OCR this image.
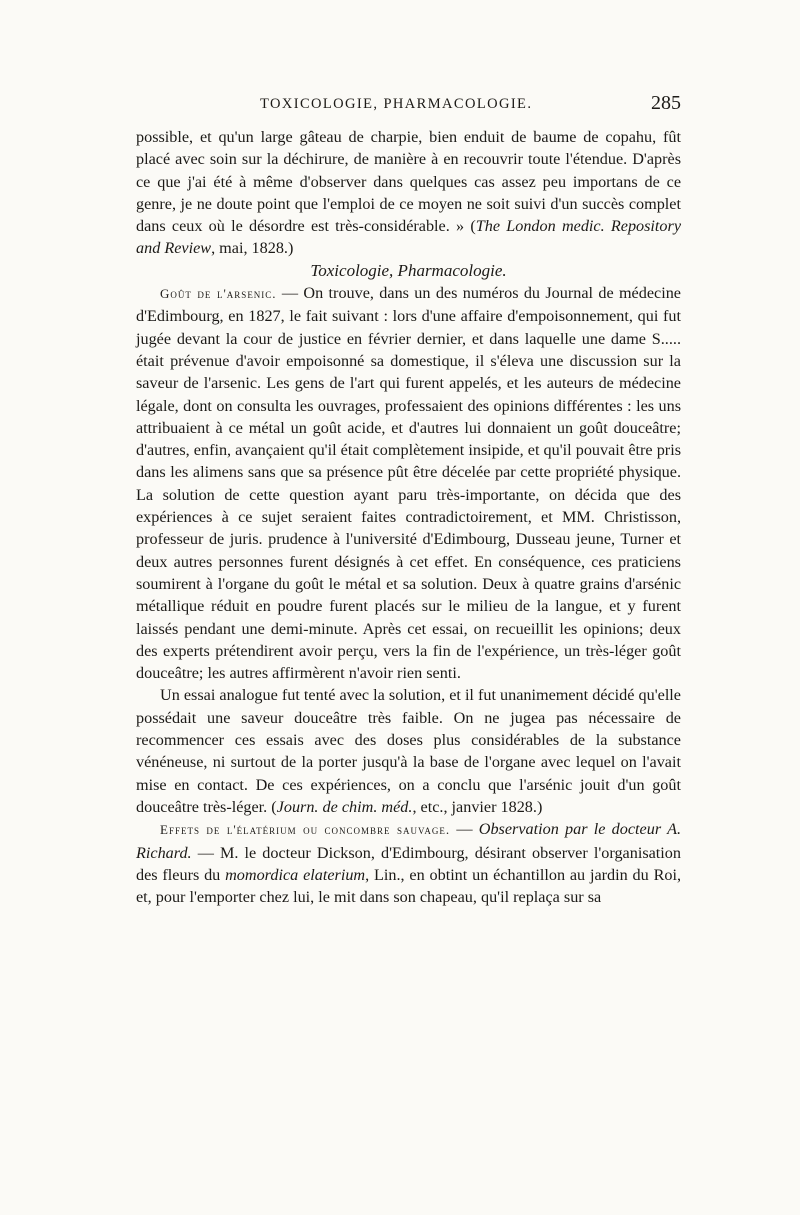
TOXICOLOGIE, PHARMACOLOGIE.	285

possible, et qu'un large gâteau de charpie, bien enduit de baume de copahu, fût placé avec soin sur la déchirure, de manière à en recouvrir toute l'étendue. D'après ce que j'ai été à même d'observer dans quelques cas assez peu importans de ce genre, je ne doute point que l'emploi de ce moyen ne soit suivi d'un succès complet dans ceux où le désordre est très-considérable. » (The London medic. Repository and Review, mai, 1828.)

Toxicologie, Pharmacologie.

Goût de l'arsenic. — On trouve, dans un des numéros du Journal de médecine d'Edimbourg, en 1827, le fait suivant : lors d'une affaire d'empoisonnement, qui fut jugée devant la cour de justice en février dernier, et dans laquelle une dame S..... était prévenue d'avoir empoisonné sa domestique, il s'éleva une discussion sur la saveur de l'arsenic. Les gens de l'art qui furent appelés, et les auteurs de médecine légale, dont on consulta les ouvrages, professaient des opinions différentes : les uns attribuaient à ce métal un goût acide, et d'autres lui donnaient un goût douceâtre; d'autres, enfin, avançaient qu'il était complètement insipide, et qu'il pouvait être pris dans les alimens sans que sa présence pût être décelée par cette propriété physique. La solution de cette question ayant paru très-importante, on décida que des expériences à ce sujet seraient faites contradictoirement, et MM. Christisson, professeur de juris. prudence à l'université d'Edimbourg, Dusseau jeune, Turner et deux autres personnes furent désignés à cet effet. En conséquence, ces praticiens soumirent à l'organe du goût le métal et sa solution. Deux à quatre grains d'arsénic métallique réduit en poudre furent placés sur le milieu de la langue, et y furent laissés pendant une demi-minute. Après cet essai, on recueillit les opinions; deux des experts prétendirent avoir perçu, vers la fin de l'expérience, un très-léger goût douceâtre; les autres affirmèrent n'avoir rien senti.

Un essai analogue fut tenté avec la solution, et il fut unanimement décidé qu'elle possédait une saveur douceâtre très faible. On ne jugea pas nécessaire de recommencer ces essais avec des doses plus considérables de la substance vénéneuse, ni surtout de la porter jusqu'à la base de l'organe avec lequel on l'avait mise en contact. De ces expériences, on a conclu que l'arsénic jouit d'un goût douceâtre très-léger. (Journ. de chim. méd., etc., janvier 1828.)

Effets de l'élatérium ou concombre sauvage. — Observation par le docteur A. Richard. — M. le docteur Dickson, d'Edimbourg, désirant observer l'organisation des fleurs du momordica elaterium, Lin., en obtint un échantillon au jardin du Roi, et, pour l'emporter chez lui, le mit dans son chapeau, qu'il replaça sur sa
